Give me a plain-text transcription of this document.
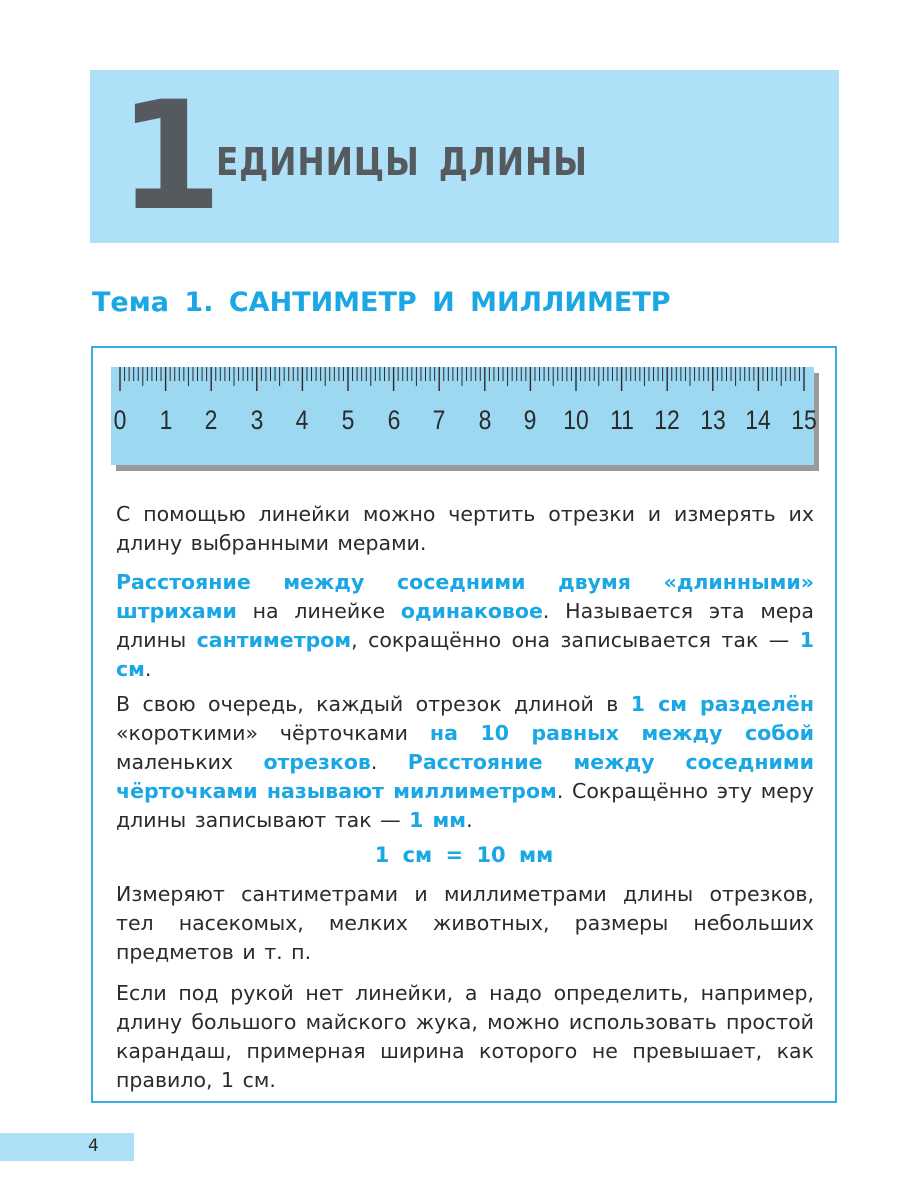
1
ЕДИНИЦЫ ДЛИНЫ
Тема 1. САНТИМЕТР И МИЛЛИМЕТР
0 1 2 3 4 5 6 7 8 9 10 11 12 13 14 15
С помощью линейки можно чертить отрезки и измерять их длину выбранными мерами.
Расстояние между соседними двумя «длинными» штрихами на линейке одинаковое. Называется эта мера длины сантиметром, сокращённо она записывается так — 1 см.
В свою очередь, каждый отрезок длиной в 1 см разделён «короткими» чёрточками на 10 равных между собой маленьких отрезков. Расстояние между соседними чёрточками называют миллиметром. Сокращённо эту меру длины записывают так — 1 мм.
1 см = 10 мм
Измеряют сантиметрами и миллиметрами длины отрезков, тел насекомых, мелких животных, размеры небольших предметов и т. п.
Если под рукой нет линейки, а надо определить, например, длину большого майского жука, можно использовать простой карандаш, примерная ширина которого не превышает, как правило, 1 см.
4
